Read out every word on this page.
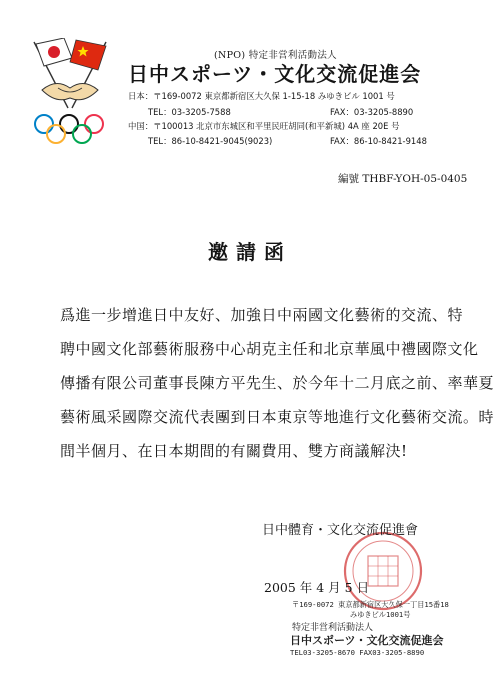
(NPO) 特定非営利活動法人
日中スポーツ・文化交流促進会
日本：〒169-0072 東京都新宿区大久保 1-15-18 みゆきビル 1001 号
TEL：03-3205-7588	FAX：03-3205-8890
中国：〒100013 北京市东城区和平里民旺胡同(和平新城) 4A 座 20E 号
TEL：86-10-8421-9045(9023)	FAX：86-10-8421-9148
編號 THBF-YOH-05-0405
邀請函
爲進一步增進日中友好、加強日中兩國文化藝術的交流、特
聘中國文化部藝術服務中心胡克主任和北京華風中禮國際文化
傳播有限公司董事長陳方平先生、於今年十二月底之前、率華夏
藝術風采國際交流代表團到日本東京等地進行文化藝術交流。時
間半個月、在日本期間的有關費用、雙方商議解決!
日中體育・文化交流促進會
2005 年 4 月 5 日
〒169-0072 東京都新宿区大久保一丁目15番18
みゆきビル1001号
特定非営利活動法人
日中スポーツ・文化交流促進会
TEL03-3205-8670 FAX03-3205-8890
